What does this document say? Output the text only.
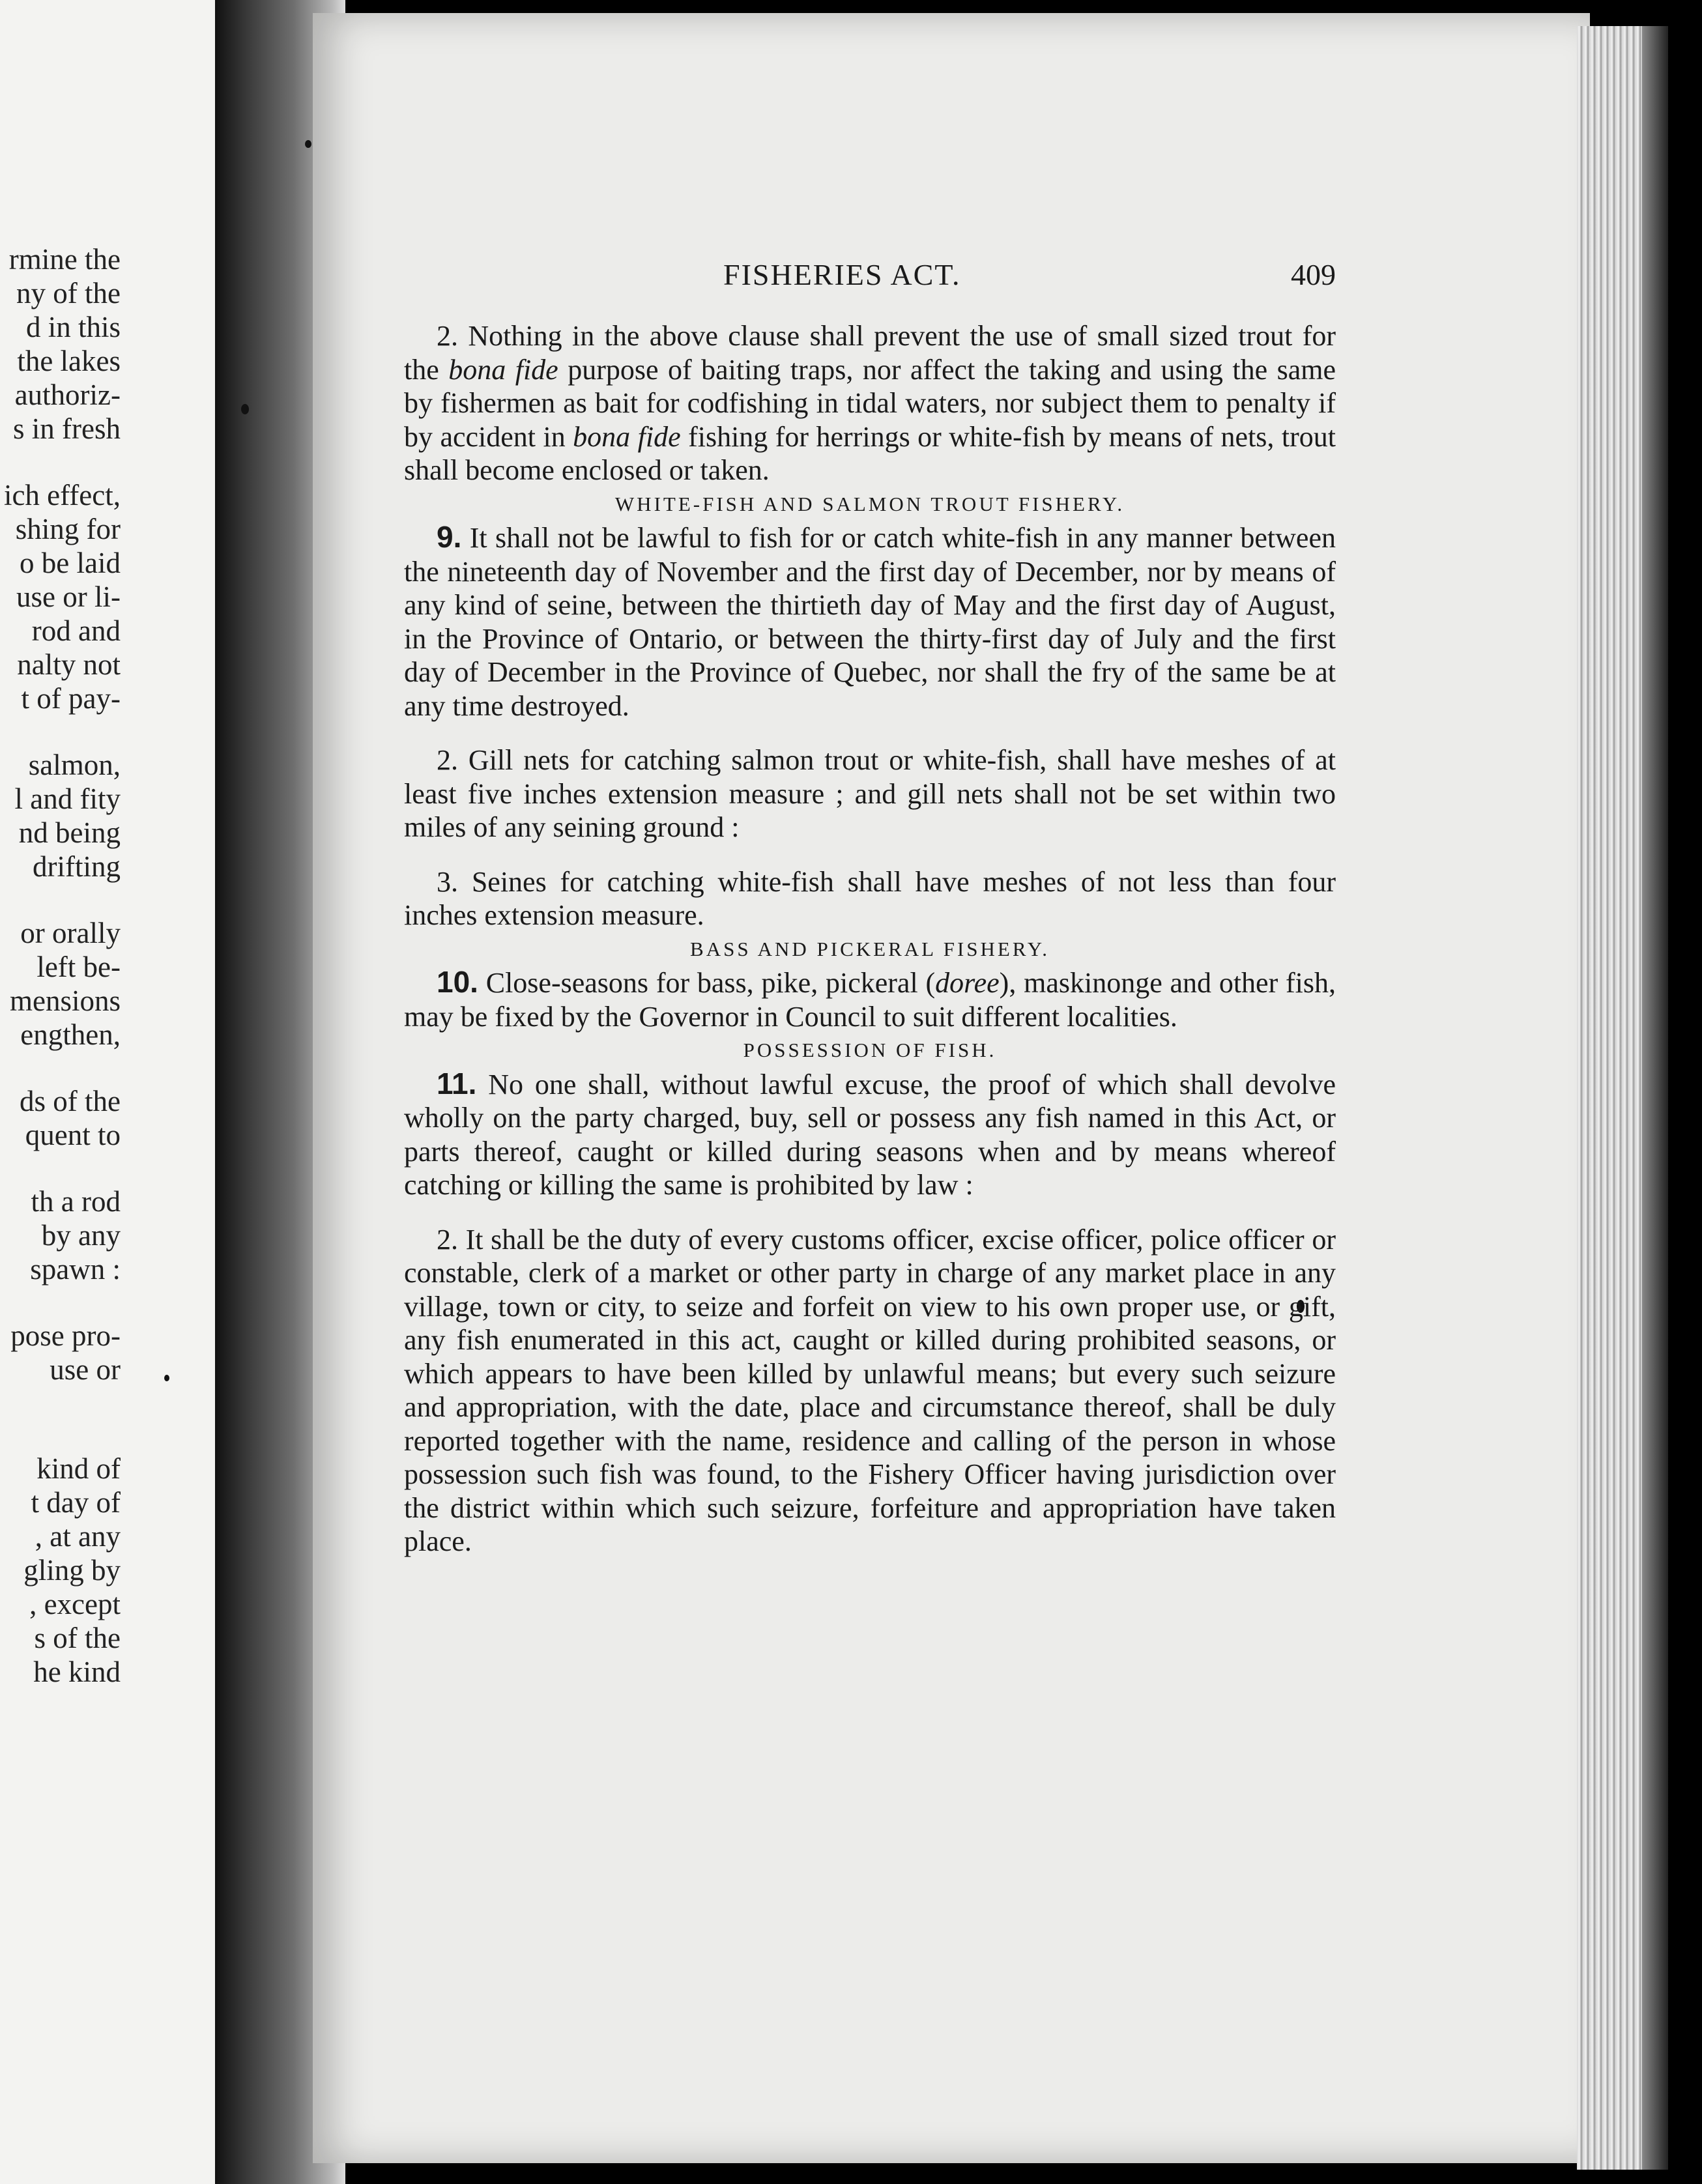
rmine the
ny of the
d in this
the lakes
authoriz-
s in fresh
ich effect,
shing for
o be laid
use or li-
rod and
nalty not
t of pay-
salmon,
l and fity
nd being
drifting
or orally
left be-
mensions
engthen,
ds of the
quent to
th a rod
by any
spawn :
pose pro-
use or
kind of
t day of
, at any
gling by
, except
s of the
he kind
FISHERIES ACT.	409

2. Nothing in the above clause shall prevent the use of small sized trout for the bona fide purpose of baiting traps, nor affect the taking and using the same by fishermen as bait for codfishing in tidal waters, nor subject them to penalty if by accident in bona fide fishing for herrings or white-fish by means of nets, trout shall become enclosed or taken.

WHITE-FISH AND SALMON TROUT FISHERY.

9. It shall not be lawful to fish for or catch white-fish in any manner between the nineteenth day of November and the first day of December, nor by means of any kind of seine, between the thirtieth day of May and the first day of August, in the Province of Ontario, or between the thirty-first day of July and the first day of December in the Province of Quebec, nor shall the fry of the same be at any time destroyed.

2. Gill nets for catching salmon trout or white-fish, shall have meshes of at least five inches extension measure ; and gill nets shall not be set within two miles of any seining ground :

3. Seines for catching white-fish shall have meshes of not less than four inches extension measure.

BASS AND PICKERAL FISHERY.

10. Close-seasons for bass, pike, pickeral (doree), maskinonge and other fish, may be fixed by the Governor in Council to suit different localities.

POSSESSION OF FISH.

11. No one shall, without lawful excuse, the proof of which shall devolve wholly on the party charged, buy, sell or possess any fish named in this Act, or parts thereof, caught or killed during seasons when and by means whereof catching or killing the same is prohibited by law :

2. It shall be the duty of every customs officer, excise officer, police officer or constable, clerk of a market or other party in charge of any market place in any village, town or city, to seize and forfeit on view to his own proper use, or gift, any fish enumerated in this act, caught or killed during prohibited seasons, or which appears to have been killed by unlawful means; but every such seizure and appropriation, with the date, place and circumstance thereof, shall be duly reported together with the name, residence and calling of the person in whose possession such fish was found, to the Fishery Officer having jurisdiction over the district within which such seizure, forfeiture and appropriation have taken place.
